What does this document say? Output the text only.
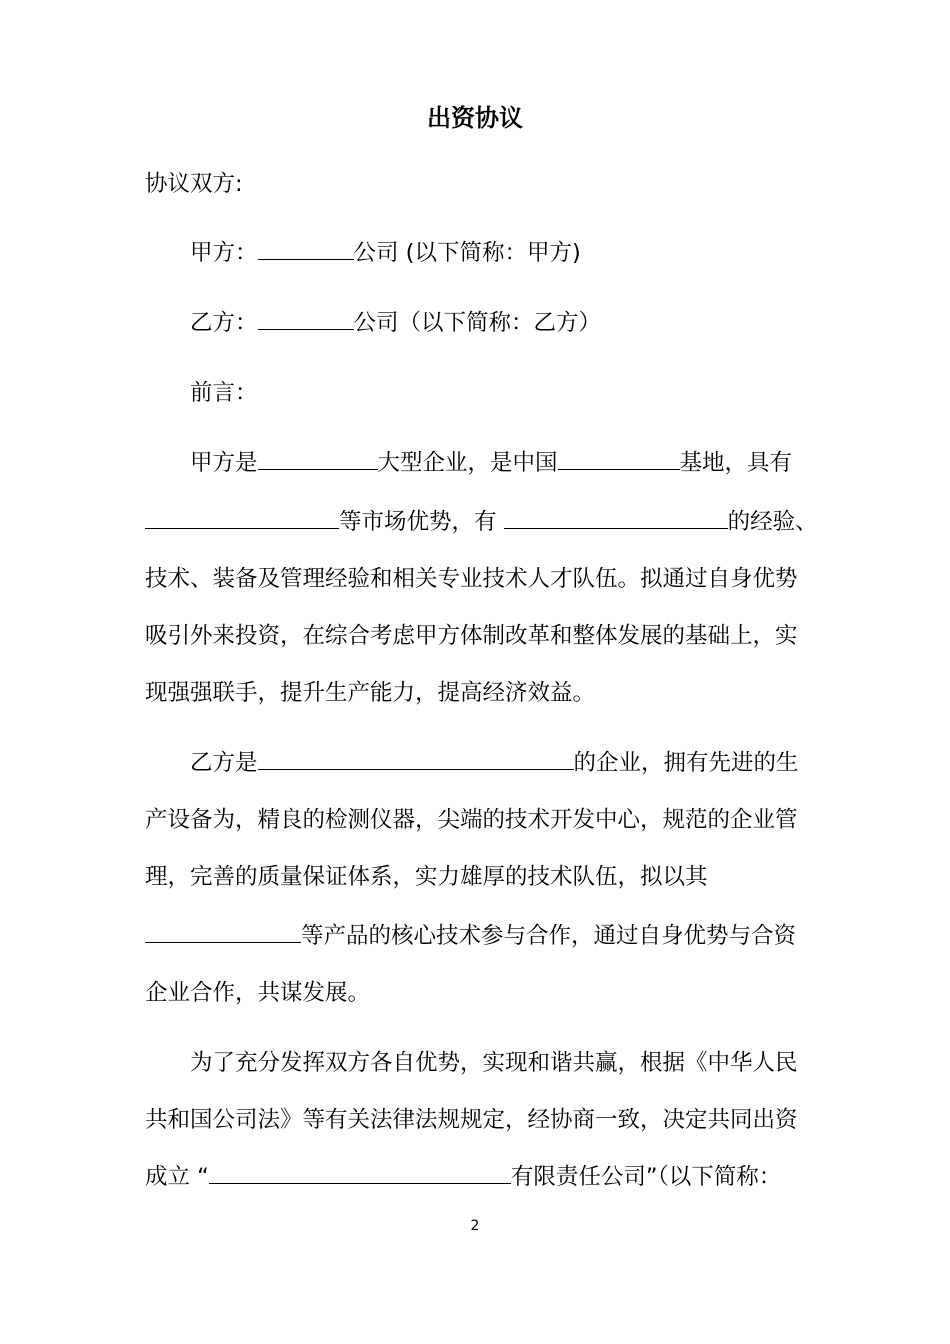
出资协议
协议双方:
甲方：	公司 (以下简称：甲方)
乙方：	公司（以下简称：乙方）
前言：
甲方是	大型企业，是中国	基地，具有
等市场优势，有	的经验、
技术、装备及管理经验和相关专业技术人才队伍。拟通过自身优势
吸引外来投资，在综合考虑甲方体制改革和整体发展的基础上，实
现强强联手，提升生产能力，提高经济效益。
乙方是	的企业，拥有先进的生
产设备为，精良的检测仪器，尖端的技术开发中心，规范的企业管
理，完善的质量保证体系，实力雄厚的技术队伍，拟以其
等产品的核心技术参与合作，通过自身优势与合资
企业合作，共谋发展。
为了充分发挥双方各自优势，实现和谐共赢，根据《中华人民
共和国公司法》等有关法律法规规定，经协商一致，决定共同出资
成立 “	有限责任公司”（以下简称：
2
